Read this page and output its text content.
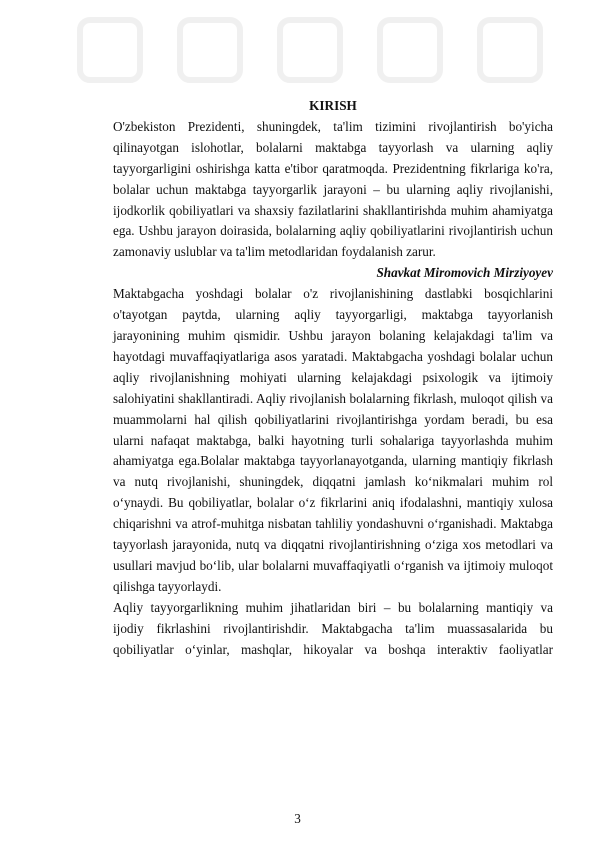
KIRISH

O'zbekiston Prezidenti, shuningdek, ta'lim tizimini rivojlantirish bo'yicha
qilinayotgan islohotlar, bolalarni maktabga tayyorlash va ularning aqliy
tayyorgarligini oshirishga katta e'tibor qaratmoqda. Prezidentning fikrlariga ko'ra,
bolalar uchun maktabga tayyorgarlik jarayoni – bu ularning aqliy rivojlanishi,
ijodkorlik qobiliyatlari va shaxsiy fazilatlarini shakllantirishda muhim ahamiyatga
ega. Ushbu jarayon doirasida, bolalarning aqliy qobiliyatlarini rivojlantirish uchun
zamonaviy uslublar va ta'lim metodlaridan foydalanish zarur.

Shavkat Miromovich Mirziyoyev

Maktabgacha yoshdagi bolalar o'z rivojlanishining dastlabki bosqichlarini
o'tayotgan paytda, ularning aqliy tayyorgarligi, maktabga tayyorlanish
jarayonining muhim qismidir. Ushbu jarayon bolaning kelajakdagi ta'lim va
hayotdagi muvaffaqiyatlariga asos yaratadi. Maktabgacha yoshdagi bolalar uchun
aqliy rivojlanishning mohiyati ularning kelajakdagi psixologik va ijtimoiy
salohiyatini shakllantiradi. Aqliy rivojlanish bolalarning fikrlash, muloqot qilish va
muammolarni hal qilish qobiliyatlarini rivojlantirishga yordam beradi, bu esa
ularni nafaqat maktabga, balki hayotning turli sohalariga tayyorlashda muhim
ahamiyatga ega.Bolalar maktabga tayyorlanayotganda, ularning mantiqiy fikrlash
va nutq rivojlanishi, shuningdek, diqqatni jamlash ko‘nikmalari muhim rol
o‘ynaydi. Bu qobiliyatlar, bolalar o‘z fikrlarini aniq ifodalashni, mantiqiy xulosa
chiqarishni va atrof-muhitga nisbatan tahliliy yondashuvni o‘rganishadi. Maktabga
tayyorlash jarayonida, nutq va diqqatni rivojlantirishning o‘ziga xos metodlari va
usullari mavjud bo‘lib, ular bolalarni muvaffaqiyatli o‘rganish va ijtimoiy muloqot
qilishga tayyorlaydi.
Aqliy tayyorgarlikning muhim jihatlaridan biri – bu bolalarning mantiqiy va
ijodiy fikrlashini rivojlantirishdir. Maktabgacha ta'lim muassasalarida bu
qobiliyatlar o‘yinlar, mashqlar, hikoyalar va boshqa interaktiv faoliyatlar
3
